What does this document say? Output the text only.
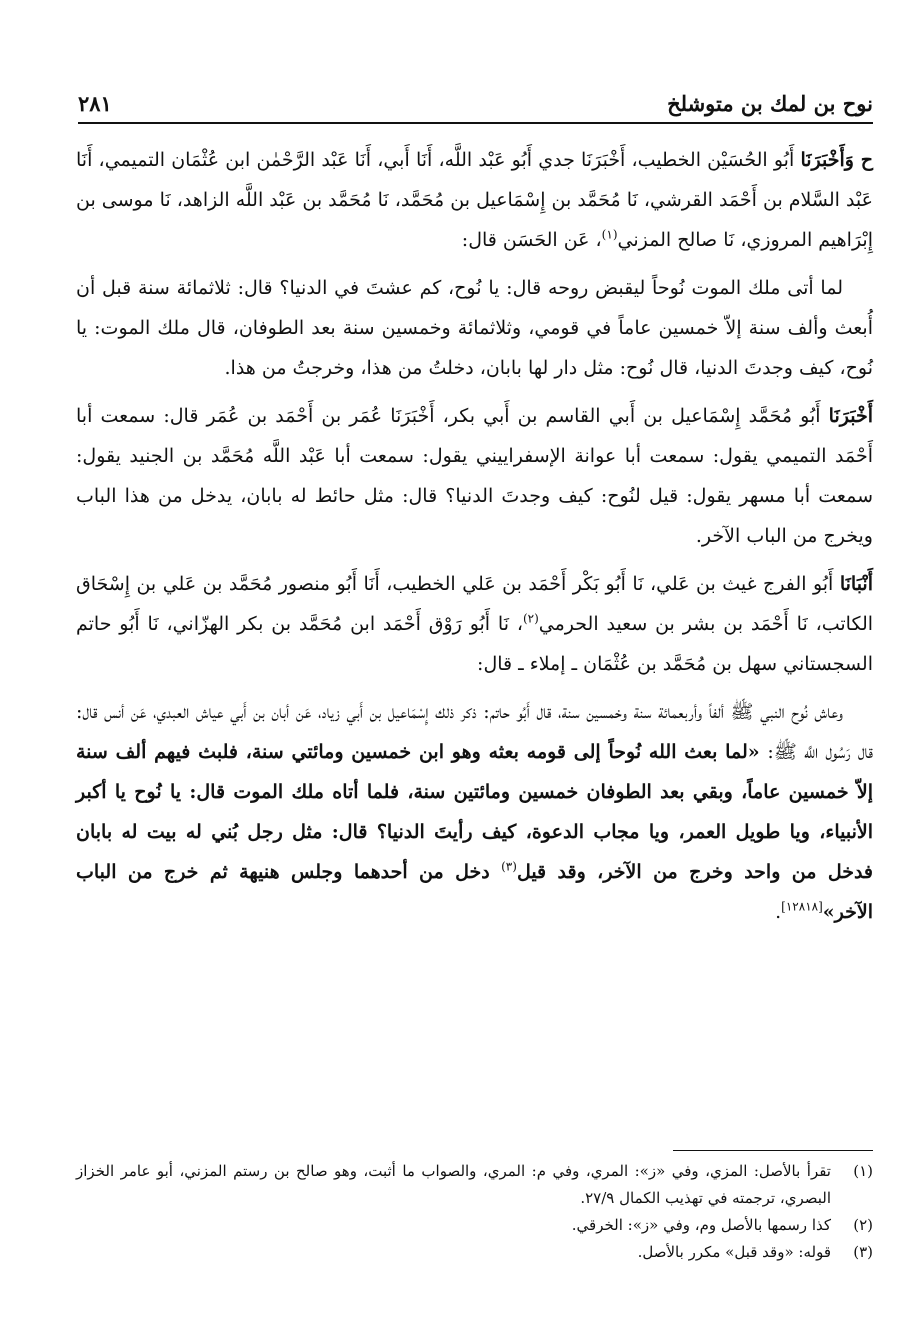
نوح بن لمك بن متوشلخ
٢٨١

ح وَأَخْبَرَنَا أَبُو الحُسَيْن الخطيب، أَخْبَرَنَا جدي أَبُو عَبْد اللَّه، أَنَا أَبي، أَنَا عَبْد الرَّحْمٰن ابن عُثْمَان التميمي، أَنَا عَبْد السَّلام بن أَحْمَد القرشي، نَا مُحَمَّد بن إِسْمَاعيل بن مُحَمَّد، نَا مُحَمَّد بن عَبْد اللَّه الزاهد، نَا موسى بن إِبْرَاهيم المروزي، نَا صالح المزني$^{(١)}$، عَن الحَسَن قال:

لما أتى ملك الموت نُوحاً ليقبض روحه قال: يا نُوح، كم عشتَ في الدنيا؟ قال: ثلاثمائة سنة قبل أن أُبعث وألف سنة إلاّ خمسين عاماً في قومي، وثلاثمائة وخمسين سنة بعد الطوفان، قال ملك الموت: يا نُوح، كيف وجدتَ الدنيا، قال نُوح: مثل دار لها بابان، دخلتُ من هذا، وخرجتُ من هذا.

أَخْبَرَنَا أَبُو مُحَمَّد إِسْمَاعيل بن أَبي القاسم بن أَبي بكر، أَخْبَرَنَا عُمَر بن أَحْمَد بن عُمَر قال: سمعت أبا أَحْمَد التميمي يقول: سمعت أبا عوانة الإسفراييني يقول: سمعت أبا عَبْد اللَّه مُحَمَّد بن الجنيد يقول: سمعت أبا مسهر يقول: قيل لنُوح: كيف وجدتَ الدنيا؟ قال: مثل حائط له بابان، يدخل من هذا الباب ويخرج من الباب الآخر.

أَنْبَانَا أَبُو الفرج غيث بن عَلي، نَا أَبُو بَكْر أَحْمَد بن عَلي الخطيب، أَنَا أَبُو منصور مُحَمَّد بن عَلي بن إِسْحَاق الكاتب، نَا أَحْمَد بن بشر بن سعيد الحرمي$^{(٢)}$، نَا أَبُو رَوْق أَحْمَد ابن مُحَمَّد بن بكر الهزّاني، نَا أَبُو حاتم السجستاني سهل بن مُحَمَّد بن عُثْمَان ـ إملاء ـ قال:

وعاش نُوح النبي ﷺ ألفاً وأربعمائة سنة وخمسين سنة، قال أَبُو حاتم: ذكر ذلك إِسْمَاعيل بن أَبي زياد، عَن أبان بن أَبي عياش العبدي، عَن أنس قال: قال رَسُول اللَّه ﷺ: «لما بعث الله نُوحاً إلى قومه بعثه وهو ابن خمسين ومائتي سنة، فلبث فيهم ألف سنة إلاّ خمسين عاماً، وبقي بعد الطوفان خمسين ومائتين سنة، فلما أتاه ملك الموت قال: يا نُوح يا أكبر الأنبياء، ويا طويل العمر، ويا مجاب الدعوة، كيف رأيتَ الدنيا؟ قال: مثل رجل بُني له بيت له بابان فدخل من واحد وخرج من الآخر، وقد قيل$^{(٣)}$ دخل من أحدهما وجلس هنيهة ثم خرج من الباب الآخر»[١٢٨١٨].

(١)
تقرأ بالأصل: المزي، وفي «ز»: المري، وفي م: المري، والصواب ما أثبت، وهو صالح بن رستم المزني، أبو عامر الخزاز البصري، ترجمته في تهذيب الكمال ٢٧/٩.
(٢)
كذا رسمها بالأصل وم، وفي «ز»: الخرقي.
(٣)
قوله: «وقد قبل» مكرر بالأصل.
